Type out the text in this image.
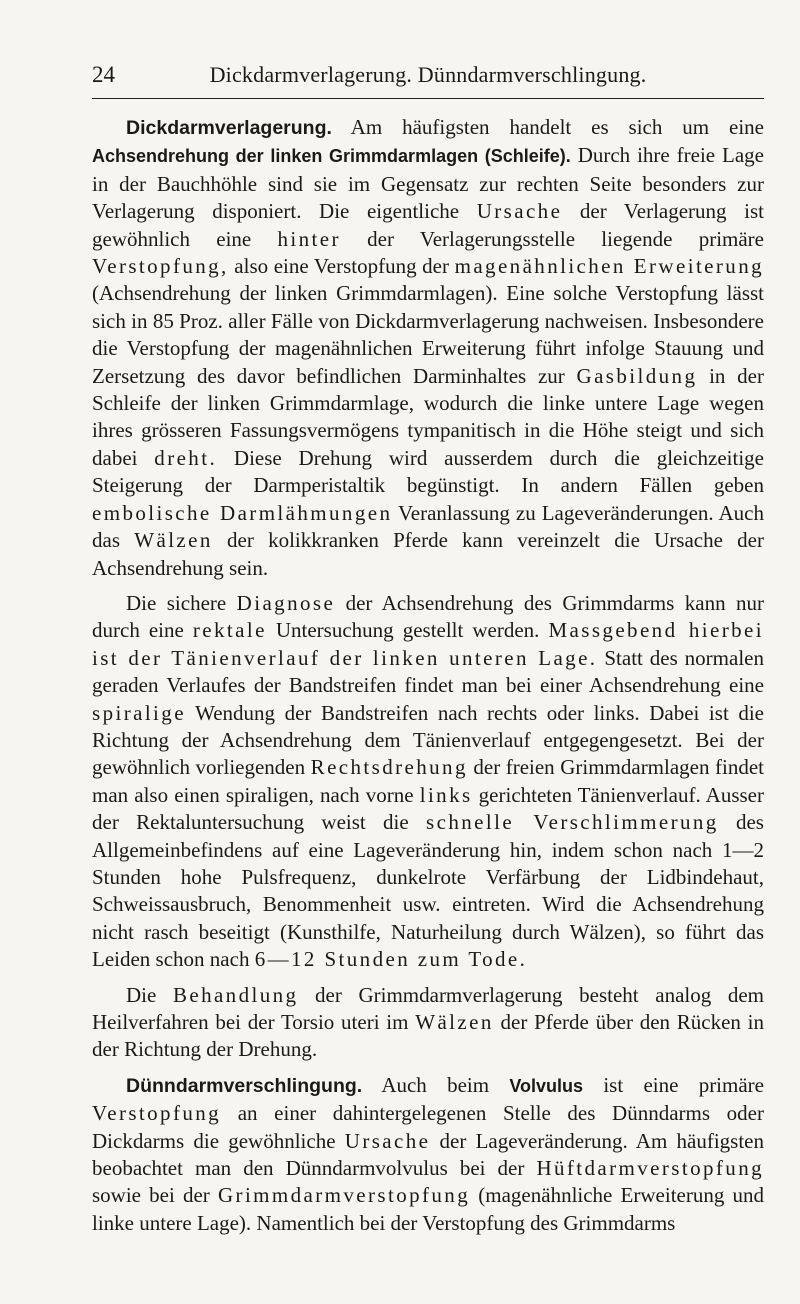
24	Dickdarmverlagerung. Dünndarmverschlingung.

Dickdarmverlagerung. Am häufigsten handelt es sich um eine Achsendrehung der linken Grimmdarmlagen (Schleife). Durch ihre freie Lage in der Bauchhöhle sind sie im Gegensatz zur rechten Seite besonders zur Verlagerung disponiert. Die eigentliche Ursache der Verlagerung ist gewöhnlich eine hinter der Verlagerungsstelle liegende primäre Verstopfung, also eine Verstopfung der magenähnlichen Erweiterung (Achsendrehung der linken Grimmdarmlagen). Eine solche Verstopfung lässt sich in 85 Proz. aller Fälle von Dickdarmverlagerung nachweisen. Insbesondere die Verstopfung der magenähnlichen Erweiterung führt infolge Stauung und Zersetzung des davor befindlichen Darminhaltes zur Gasbildung in der Schleife der linken Grimmdarmlage, wodurch die linke untere Lage wegen ihres grösseren Fassungsvermögens tympanitisch in die Höhe steigt und sich dabei dreht. Diese Drehung wird ausserdem durch die gleichzeitige Steigerung der Darmperistaltik begünstigt. In andern Fällen geben embolische Darmlähmungen Veranlassung zu Lageveränderungen. Auch das Wälzen der kolikkranken Pferde kann vereinzelt die Ursache der Achsendrehung sein.

Die sichere Diagnose der Achsendrehung des Grimmdarms kann nur durch eine rektale Untersuchung gestellt werden. Massgebend hierbei ist der Tänienverlauf der linken unteren Lage. Statt des normalen geraden Verlaufes der Bandstreifen findet man bei einer Achsendrehung eine spiralige Wendung der Bandstreifen nach rechts oder links. Dabei ist die Richtung der Achsendrehung dem Tänienverlauf entgegengesetzt. Bei der gewöhnlich vorliegenden Rechtsdrehung der freien Grimmdarmlagen findet man also einen spiraligen, nach vorne links gerichteten Tänienverlauf. Ausser der Rektaluntersuchung weist die schnelle Verschlimmerung des Allgemeinbefindens auf eine Lageveränderung hin, indem schon nach 1—2 Stunden hohe Pulsfrequenz, dunkelrote Verfärbung der Lidbindehaut, Schweissausbruch, Benommenheit usw. eintreten. Wird die Achsendrehung nicht rasch beseitigt (Kunsthilfe, Naturheilung durch Wälzen), so führt das Leiden schon nach 6—12 Stunden zum Tode.

Die Behandlung der Grimmdarmverlagerung besteht analog dem Heilverfahren bei der Torsio uteri im Wälzen der Pferde über den Rücken in der Richtung der Drehung.

Dünndarmverschlingung. Auch beim Volvulus ist eine primäre Verstopfung an einer dahintergelegenen Stelle des Dünndarms oder Dickdarms die gewöhnliche Ursache der Lageveränderung. Am häufigsten beobachtet man den Dünndarmvolvulus bei der Hüftdarmverstopfung sowie bei der Grimmdarmverstopfung (magenähnliche Erweiterung und linke untere Lage). Namentlich bei der Verstopfung des Grimmdarms
